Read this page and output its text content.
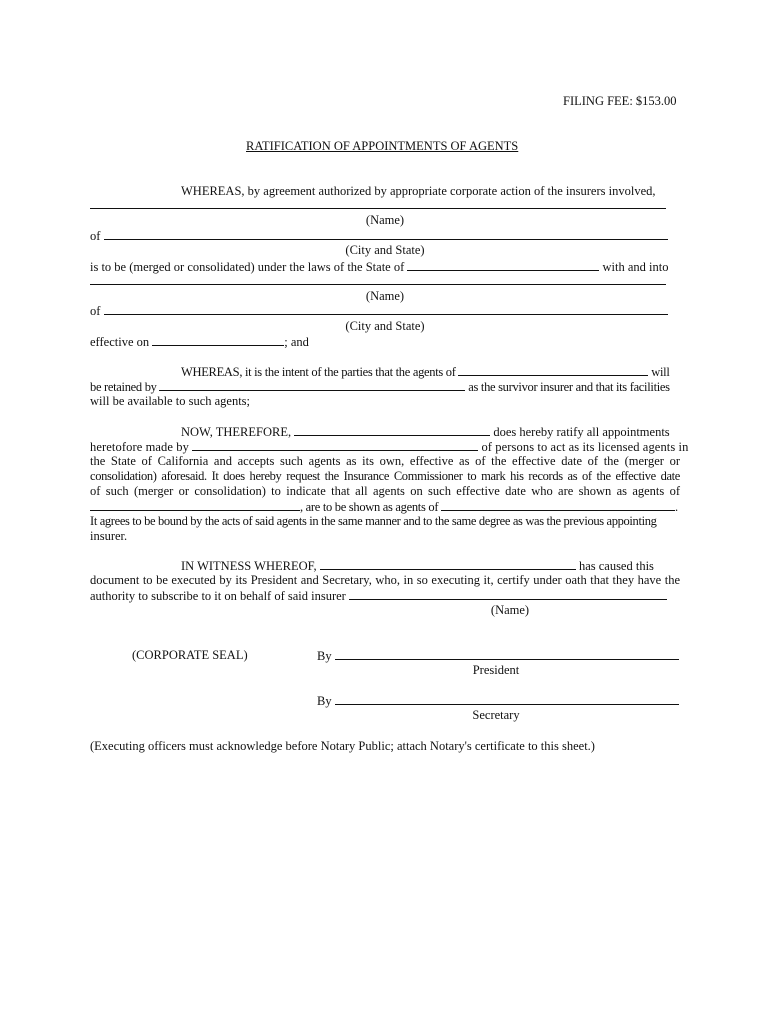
FILING FEE: $153.00
RATIFICATION OF APPOINTMENTS OF AGENTS
WHEREAS, by agreement authorized by appropriate corporate action of the insurers involved,
(Name)
of
(City and State)
is to be (merged or consolidated) under the laws of the State of	with and into
(Name)
of
(City and State)
effective on	; and
WHEREAS, it is the intent of the parties that the agents of	will
be retained by	as the survivor insurer and that its facilities
will be available to such agents;
NOW, THEREFORE,	does hereby ratify all appointments
heretofore made by	of persons to act as its licensed agents in
the State of California and accepts such agents as its own, effective as of the effective date of the (merger or
consolidation) aforesaid. It does hereby request the Insurance Commissioner to mark his records as of the effective date
of such (merger or consolidation) to indicate that all agents on such effective date who are shown as agents of
, are to be shown as agents of	.
It agrees to be bound by the acts of said agents in the same manner and to the same degree as was the previous appointing
insurer.
IN WITNESS WHEREOF,	has caused this
document to be executed by its President and Secretary, who, in so executing it, certify under oath that they have the
authority to subscribe to it on behalf of said insurer
(Name)
(CORPORATE SEAL)	By
President
By
Secretary
(Executing officers must acknowledge before Notary Public; attach Notary's certificate to this sheet.)
